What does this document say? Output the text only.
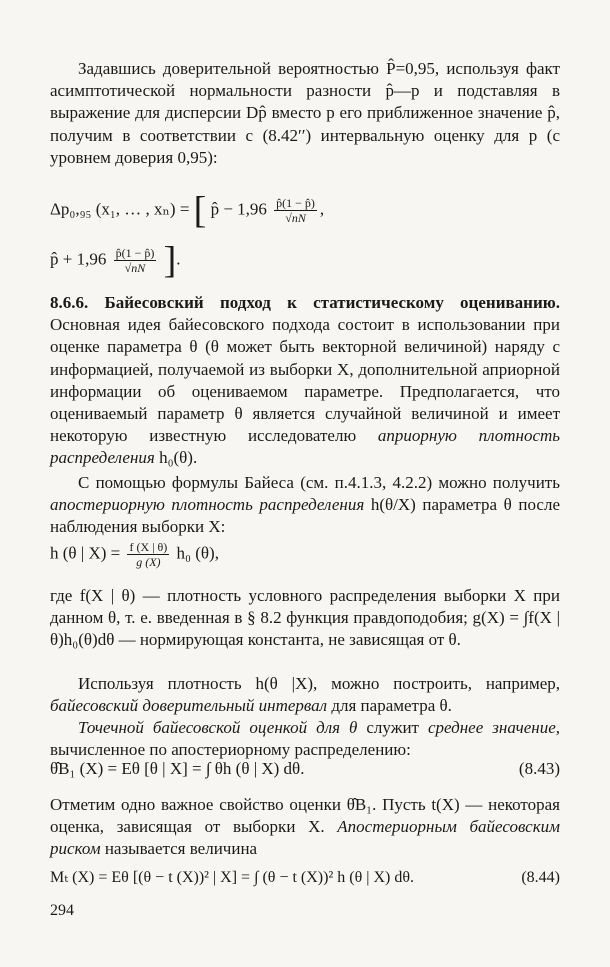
Задавшись доверительной вероятностью P̂=0,95, используя факт асимптотической нормальности разности p̂—p и подставляя в выражение для дисперсии Dp̂ вместо p его приближенное значение p̂, получим в соответствии с (8.42′′) интервальную оценку для p (с уровнем доверия 0,95):
Δp₀,₉₅ (x₁, … , xₙ) = [ p̂ − $1,96 \frac{p̂(1 - p̂)}{√nN}$ ,
p̂ + $1,96 \frac{p̂(1 - p̂)}{√nN}$ ].
8.6.6. Байесовский подход к статистическому оцениванию. Основная идея байесовского подхода состоит в использовании при оценке параметра θ (θ может быть векторной величиной) наряду с информацией, получаемой из выборки X, дополнительной априорной информации об оцениваемом параметре. Предполагается, что оцениваемый параметр θ является случайной величиной и имеет некоторую известную исследователю априорную плотность распределения h₀(θ).
С помощью формулы Байеса (см. п.4.1.3, 4.2.2) можно получить апостериорную плотность распределения h(θ/X) параметра θ после наблюдения выборки X:
h (θ | $X) = \frac{f (X | \theta)}{g (X)} h_0$ (θ),
где f(X | θ) — плотность условного распределения выборки X при данном θ, т. е. введенная в § 8.2 функция правдоподобия; g(X) = ∫f(X | θ)h₀(θ)dθ — нормирующая константа, не зависящая от θ.
Используя плотность h(θ |X), можно построить, например, байесовский доверительный интервал для параметра θ.
Точечной байесовской оценкой для θ служит среднее значение, вычисленное по апостериорному распределению:
θ̂B₁ (X) = Eθ [θ | X] = ∫ θh (θ | X) dθ.	(8.43)
Отметим одно важное свойство оценки θ̂B₁. Пусть t(X) — некоторая оценка, зависящая от выборки X. Апостериорным байесовским риском называется величина
Mₜ (X) = Eθ [(θ − t (X))² | X] = ∫ (θ − t (X))² h (θ | X) dθ.	(8.44)
294
